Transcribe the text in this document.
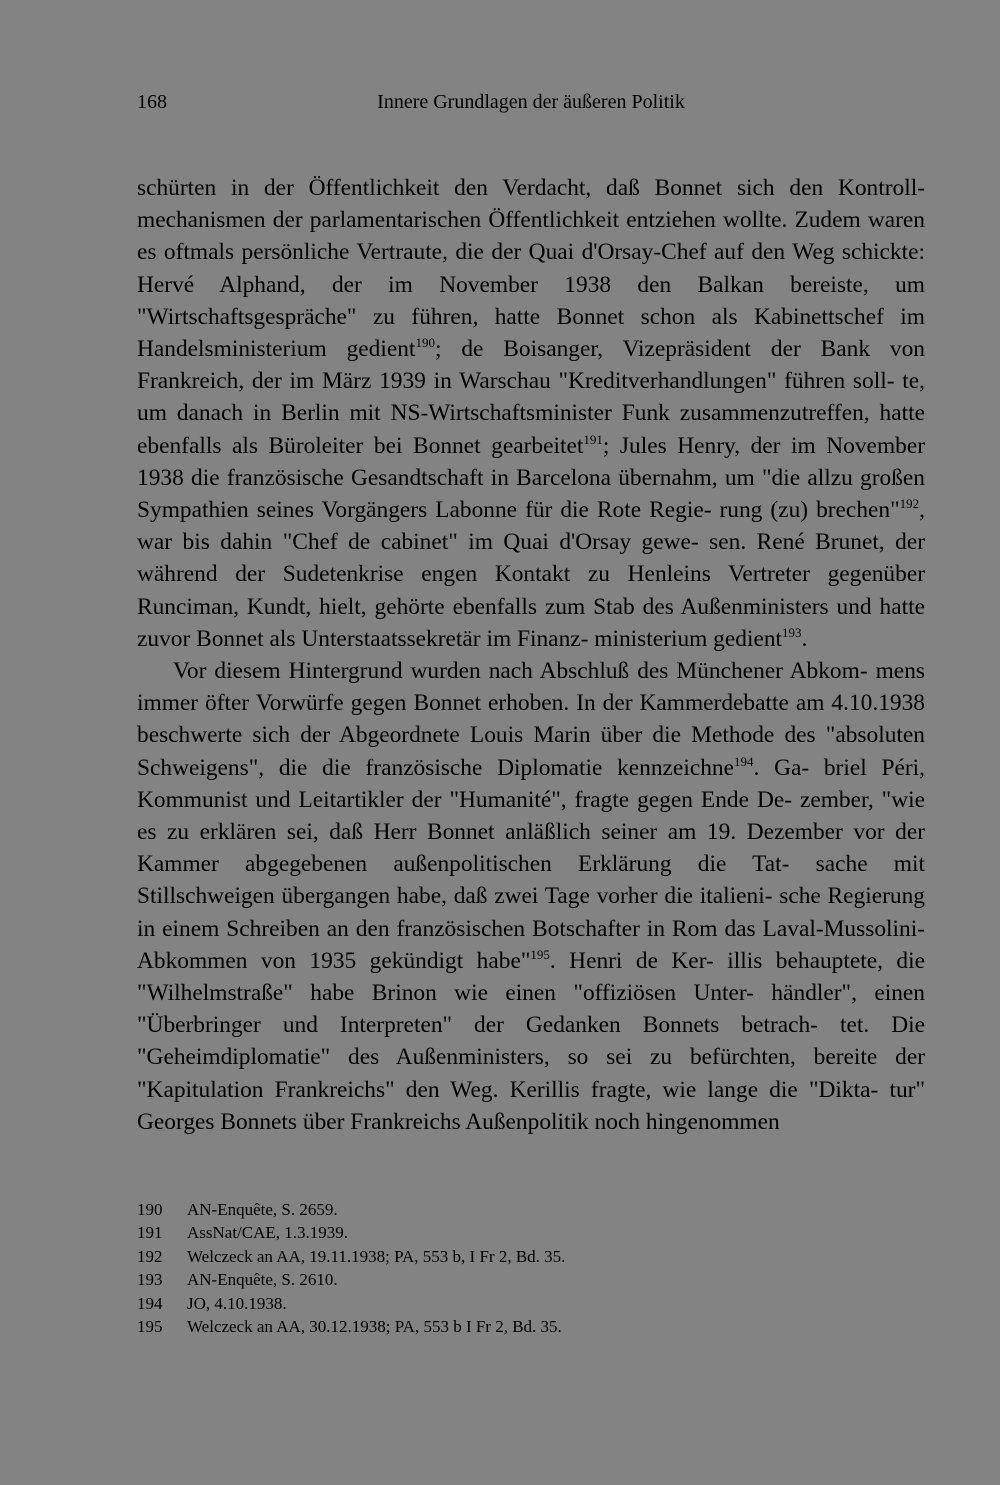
168	Innere Grundlagen der äußeren Politik

schürten in der Öffentlichkeit den Verdacht, daß Bonnet sich den Kontroll- mechanismen der parlamentarischen Öffentlichkeit entziehen wollte. Zudem waren es oftmals persönliche Vertraute, die der Quai d'Orsay-Chef auf den Weg schickte: Hervé Alphand, der im November 1938 den Balkan bereiste, um "Wirtschaftsgespräche" zu führen, hatte Bonnet schon als Kabinettschef im Handelsministerium gedient$^{190}$; de Boisanger, Vizepräsident der Bank von Frankreich, der im März 1939 in Warschau "Kreditverhandlungen" führen soll- te, um danach in Berlin mit NS-Wirtschaftsminister Funk zusammenzutreffen, hatte ebenfalls als Büroleiter bei Bonnet gearbeitet$^{191}$; Jules Henry, der im November 1938 die französische Gesandtschaft in Barcelona übernahm, um "die allzu großen Sympathien seines Vorgängers Labonne für die Rote Regie- rung (zu) brechen"$^{192}$, war bis dahin "Chef de cabinet" im Quai d'Orsay gewe- sen. René Brunet, der während der Sudetenkrise engen Kontakt zu Henleins Vertreter gegenüber Runciman, Kundt, hielt, gehörte ebenfalls zum Stab des Außenministers und hatte zuvor Bonnet als Unterstaatssekretär im Finanz- ministerium gedient$^{193}$.

Vor diesem Hintergrund wurden nach Abschluß des Münchener Abkom- mens immer öfter Vorwürfe gegen Bonnet erhoben. In der Kammerdebatte am 4.10.1938 beschwerte sich der Abgeordnete Louis Marin über die Methode des "absoluten Schweigens", die die französische Diplomatie kennzeichne$^{194}$. Ga- briel Péri, Kommunist und Leitartikler der "Humanité", fragte gegen Ende De- zember, "wie es zu erklären sei, daß Herr Bonnet anläßlich seiner am 19. Dezember vor der Kammer abgegebenen außenpolitischen Erklärung die Tat- sache mit Stillschweigen übergangen habe, daß zwei Tage vorher die italieni- sche Regierung in einem Schreiben an den französischen Botschafter in Rom das Laval-Mussolini-Abkommen von 1935 gekündigt habe"$^{195}$. Henri de Ker- illis behauptete, die "Wilhelmstraße" habe Brinon wie einen "offiziösen Unter- händler", einen "Überbringer und Interpreten" der Gedanken Bonnets betrach- tet. Die "Geheimdiplomatie" des Außenministers, so sei zu befürchten, bereite der "Kapitulation Frankreichs" den Weg. Kerillis fragte, wie lange die "Dikta- tur" Georges Bonnets über Frankreichs Außenpolitik noch hingenommen

190	AN-Enquête, S. 2659.
191	AssNat/CAE, 1.3.1939.
192	Welczeck an AA, 19.11.1938; PA, 553 b, I Fr 2, Bd. 35.
193	AN-Enquête, S. 2610.
194	JO, 4.10.1938.
195	Welczeck an AA, 30.12.1938; PA, 553 b I Fr 2, Bd. 35.
